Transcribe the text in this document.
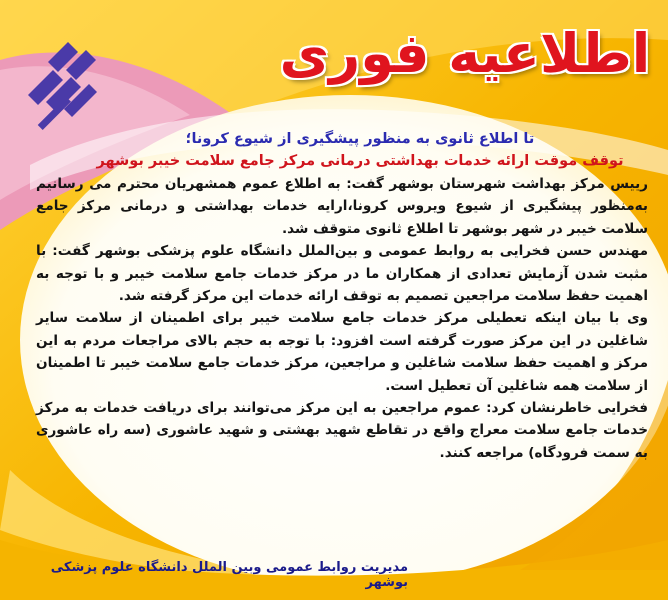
اطلاعیه فوری
تا اطلاع ثانوی به منظور پیشگیری از شیوع کرونا؛
توقف موقت ارائه خدمات بهداشتی درمانی مرکز جامع سلامت خیبر بوشهر

رییس مرکز بهداشت شهرستان بوشهر گفت: به اطلاع عموم همشهریان محترم می رسانیم به‌منظور پیشگیری از شیوع ویروس کرونا،ارایه خدمات بهداشتی و درمانی مرکز جامع سلامت خیبر در شهر بوشهر تا اطلاع ثانوی متوقف شد.

مهندس حسن فخرایی به روابط عمومی و بین‌الملل دانشگاه علوم پزشکی بوشهر گفت: با مثبت شدن آزمایش تعدادی از همکاران ما در مرکز خدمات جامع سلامت خیبر و با توجه به اهمیت حفظ سلامت مراجعین تصمیم به توقف ارائه خدمات این مرکز گرفته شد.

وی با بیان اینکه تعطیلی مرکز خدمات جامع سلامت خیبر برای اطمینان از سلامت سایر شاغلین در این مرکز صورت گرفته است افزود: با توجه به حجم بالای مراجعات مردم به این مرکز و اهمیت حفظ سلامت شاغلین و مراجعین، مرکز خدمات جامع سلامت خیبر تا اطمینان از سلامت همه شاغلین آن تعطیل است.

فخرایی خاطرنشان کرد: عموم مراجعین به این مرکز می‌توانند برای دریافت خدمات به مرکز خدمات جامع سلامت معراج واقع در تقاطع شهید بهشتی و شهید عاشوری (سه راه عاشوری به سمت فرودگاه) مراجعه کنند.

مدیریت روابط عمومی وبین الملل دانشگاه علوم پزشکی بوشهر
